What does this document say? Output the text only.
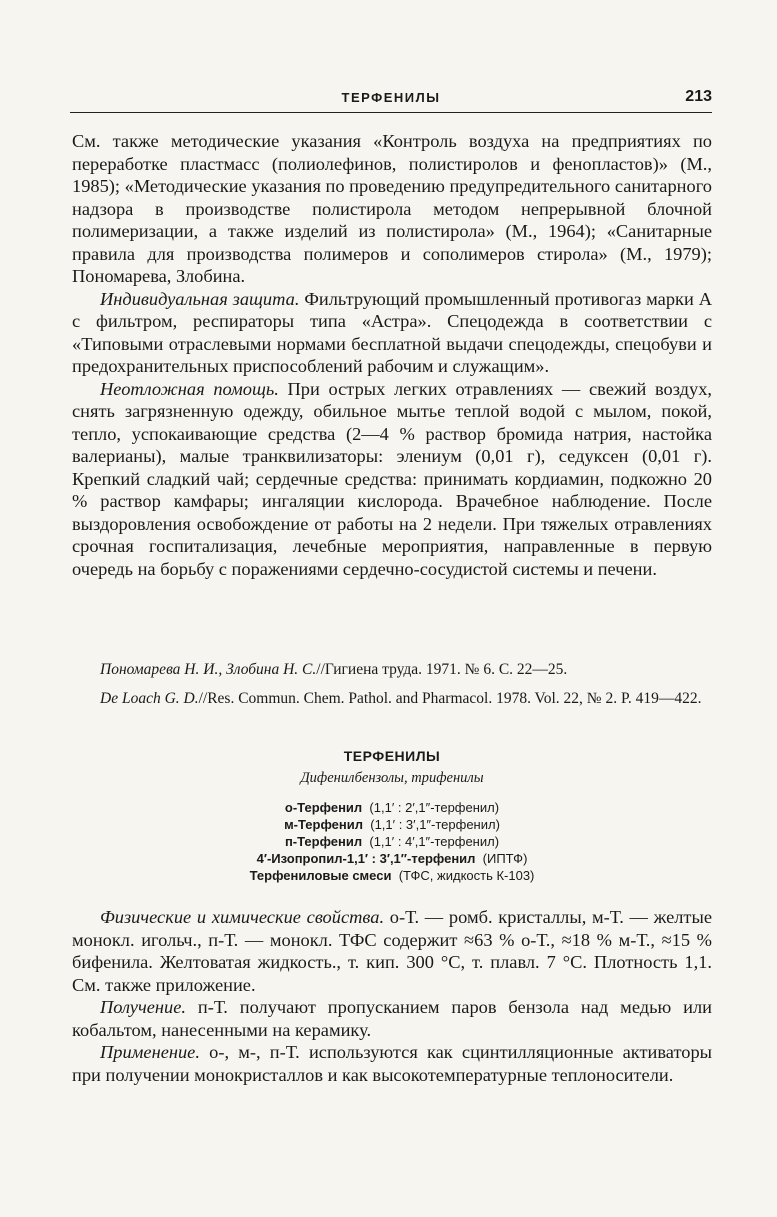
ТЕРФЕНИЛЫ	213

См. также методические указания «Контроль воздуха на предприятиях по переработке пластмасс (полиолефинов, полистиролов и фенопластов)» (М., 1985); «Методические указания по проведению предупредительного санитарного надзора в производстве полистирола методом непрерывной блочной полимеризации, а также изделий из полистирола» (М., 1964); «Санитарные правила для производства полимеров и сополимеров стирола» (М., 1979); Пономарева, Злобина.

Индивидуальная защита. Фильтрующий промышленный противогаз марки А с фильтром, респираторы типа «Астра». Спецодежда в соответствии с «Типовыми отраслевыми нормами бесплатной выдачи спецодежды, спецобуви и предохранительных приспособлений рабочим и служащим».

Неотложная помощь. При острых легких отравлениях — свежий воздух, снять загрязненную одежду, обильное мытье теплой водой с мылом, покой, тепло, успокаивающие средства (2—4 % раствор бромида натрия, настойка валерианы), малые транквилизаторы: элениум (0,01 г), седуксен (0,01 г). Крепкий сладкий чай; сердечные средства: принимать кордиамин, подкожно 20 % раствор камфары; ингаляции кислорода. Врачебное наблюдение. После выздоровления освобождение от работы на 2 недели. При тяжелых отравлениях срочная госпитализация, лечебные мероприятия, направленные в первую очередь на борьбу с поражениями сердечно-сосудистой системы и печени.

Пономарева Н. И., Злобина Н. С.//Гигиена труда. 1971. № 6. С. 22—25.

De Loach G. D.//Res. Commun. Chem. Pathol. and Pharmacol. 1978. Vol. 22, № 2. P. 419—422.

ТЕРФЕНИЛЫ

Дифенилбензолы, трифенилы

о-Терфенил (1,1′ : 2′,1″-терфенил)
м-Терфенил (1,1′ : 3′,1″-терфенил)
п-Терфенил (1,1′ : 4′,1″-терфенил)
4′-Изопропил-1,1′ : 3′,1″-терфенил (ИПТФ)
Терфениловые смеси (ТФС, жидкость К-103)

Физические и химические свойства. о-Т. — ромб. кристаллы, м-Т. — желтые монокл. игольч., п-Т. — монокл. ТФС содержит ≈63 % о-Т., ≈18 % м-Т., ≈15 % бифенила. Желтоватая жидкость., т. кип. 300 °С, т. плавл. 7 °С. Плотность 1,1. См. также приложение.

Получение. п-Т. получают пропусканием паров бензола над медью или кобальтом, нанесенными на керамику.

Применение. о-, м-, п-Т. используются как сцинтилляционные активаторы при получении монокристаллов и как высокотемпературные теплоносители.
